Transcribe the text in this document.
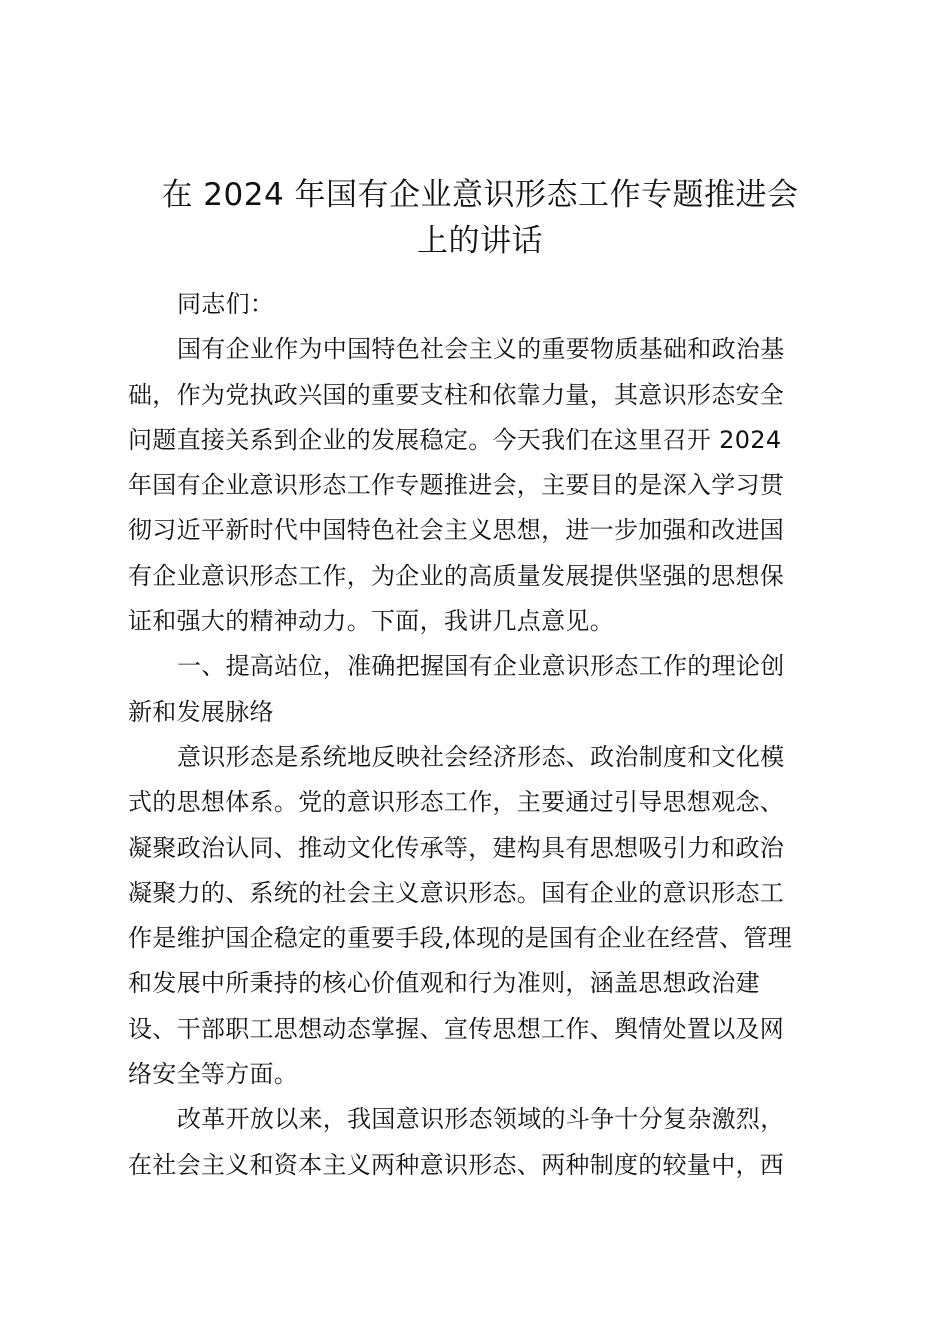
在 2024 年国有企业意识形态工作专题推进会
上的讲话
同志们：
国有企业作为中国特色社会主义的重要物质基础和政治基
础，作为党执政兴国的重要支柱和依靠力量，其意识形态安全
问题直接关系到企业的发展稳定。今天我们在这里召开 2024
年国有企业意识形态工作专题推进会，主要目的是深入学习贯
彻习近平新时代中国特色社会主义思想，进一步加强和改进国
有企业意识形态工作，为企业的高质量发展提供坚强的思想保
证和强大的精神动力。下面，我讲几点意见。
一、提高站位，准确把握国有企业意识形态工作的理论创
新和发展脉络
意识形态是系统地反映社会经济形态、政治制度和文化模
式的思想体系。党的意识形态工作，主要通过引导思想观念、
凝聚政治认同、推动文化传承等，建构具有思想吸引力和政治
凝聚力的、系统的社会主义意识形态。国有企业的意识形态工
作是维护国企稳定的重要手段,体现的是国有企业在经营、管理
和发展中所秉持的核心价值观和行为准则，涵盖思想政治建
设、干部职工思想动态掌握、宣传思想工作、舆情处置以及网
络安全等方面。
改革开放以来，我国意识形态领域的斗争十分复杂激烈，
在社会主义和资本主义两种意识形态、两种制度的较量中，西
